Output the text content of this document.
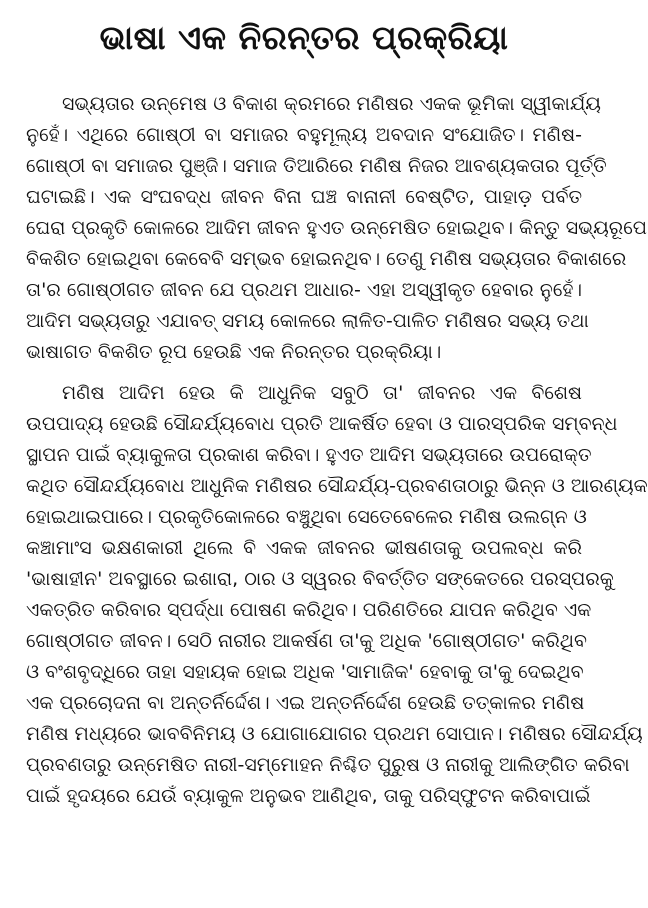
ଭାଷା ଏକ ନିରନ୍ତର ପ୍ରକ୍ରିୟା
ସଭ୍ୟତାର ଉନ୍ମେଷ ଓ ବିକାଶ କ୍ରମରେ ମଣିଷର ଏକକ ଭୂମିକା ସ୍ୱୀକାର୍ଯ୍ୟ
ନୁହେଁ। ଏଥିରେ ଗୋଷ୍ଠୀ ବା ସମାଜର ବହୁମୂଲ୍ୟ ଅବଦାନ ସଂଯୋଜିତ। ମଣିଷ-
ଗୋଷ୍ଠୀ ବା ସମାଜର ପୁଞ୍ଜି। ସମାଜ ତିଆରିରେ ମଣିଷ ନିଜର ଆବଶ୍ୟକତାର ପୂର୍ତ୍ତି
ଘଟାଇଛି। ଏକ ସଂଘବଦ୍ଧ ଜୀବନ ବିନା ଘଞ୍ଚ ବାନାନୀ ବେଷ୍ଟିତ, ପାହାଡ଼ ପର୍ବତ
ଘେରା ପ୍ରକୃତି କୋଳରେ ଆଦିମ ଜୀବନ ହୁଏତ ଉନ୍ମେଷିତ ହୋଇଥିବ। କିନ୍ତୁ ସଭ୍ୟରୂପେ
ବିକଶିତ ହୋଇଥିବା କେବେବି ସମ୍ଭବ ହୋଇନଥିବ। ତେଣୁ ମଣିଷ ସଭ୍ୟତାର ବିକାଶରେ
ତା'ର ଗୋଷ୍ଠୀଗତ ଜୀବନ ଯେ ପ୍ରଥମ ଆଧାର- ଏହା ଅସ୍ୱୀକୃତ ହେବାର ନୁହେଁ।
ଆଦିମ ସଭ୍ୟତାରୁ ଏଯାବତ୍ ସମୟ କୋଳରେ ଲାଳିତ-ପାଳିତ ମଣିଷର ସଭ୍ୟ ତଥା
ଭାଷାଗତ ବିକଶିତ ରୂପ ହେଉଛି ଏକ ନିରନ୍ତର ପ୍ରକ୍ରିୟା।
ମଣିଷ ଆଦିମ ହେଉ କି ଆଧୁନିକ ସବୁଠି ତା' ଜୀବନର ଏକ ବିଶେଷ
ଉପପାଦ୍ୟ ହେଉଛି ସୌନ୍ଦର୍ଯ୍ୟବୋଧ ପ୍ରତି ଆକର୍ଷିତ ହେବା ଓ ପାରସ୍ପରିକ ସମ୍ବନ୍ଧ
ସ୍ଥାପନ ପାଇଁ ବ୍ୟାକୁଳତା ପ୍ରକାଶ କରିବା। ହୁଏତ ଆଦିମ ସଭ୍ୟତାରେ ଉପରୋକ୍ତ
କଥିତ ସୌନ୍ଦର୍ଯ୍ୟବୋଧ ଆଧୁନିକ ମଣିଷର ସୌନ୍ଦର୍ଯ୍ୟ-ପ୍ରବଣତାଠାରୁ ଭିନ୍ନ ଓ ଆରଣ୍ୟକ
ହୋଇଥାଇପାରେ। ପ୍ରକୃତିକୋଳରେ ବଞ୍ଚୁଥିବା ସେତେବେଳେର ମଣିଷ ଉଲଗ୍ନ ଓ
କଞ୍ଚାମାଂସ ଭକ୍ଷଣକାରୀ ଥିଲେ ବି ଏକକ ଜୀବନର ଭୀଷଣତାକୁ ଉପଲବ୍ଧ କରି
'ଭାଷାହୀନ' ଅବସ୍ଥାରେ ଇଶାରା, ଠାର ଓ ସ୍ୱରର ବିବର୍ତ୍ତିତ ସଙ୍କେତରେ ପରସ୍ପରକୁ
ଏକତ୍ରିତ କରିବାର ସ୍ପର୍ଦ୍ଧା ପୋଷଣ କରିଥିବ। ପରିଣତିରେ ଯାପନ କରିଥିବ ଏକ
ଗୋଷ୍ଠୀଗତ ଜୀବନ। ସେଠି ନାରୀର ଆକର୍ଷଣ ତା'କୁ ଅଧିକ 'ଗୋଷ୍ଠୀଗତ' କରିଥିବ
ଓ ବଂଶବୃଦ୍ଧିରେ ତାହା ସହାୟକ ହୋଇ ଅଧିକ 'ସାମାଜିକ' ହେବାକୁ ତା'କୁ ଦେଇଥିବ
ଏକ ପ୍ରଚୋଦନା ବା ଅନ୍ତର୍ନିର୍ଦ୍ଦେଶ। ଏଇ ଅନ୍ତର୍ନିର୍ଦ୍ଦେଶ ହେଉଛି ତତ୍‌କାଳର ମଣିଷ
ମଣିଷ ମଧ୍ୟରେ ଭାବବିନିମୟ ଓ ଯୋଗାଯୋଗର ପ୍ରଥମ ସୋପାନ। ମଣିଷର ସୌନ୍ଦର୍ଯ୍ୟ
ପ୍ରବଣତାରୁ ଉନ୍ମେଷିତ ନାରୀ-ସମ୍ମୋହନ ନିଶ୍ଚିତ ପୁରୁଷ ଓ ନାରୀକୁ ଆଲିଙ୍ଗିତ କରିବା
ପାଇଁ ହୃଦୟରେ ଯେଉଁ ବ୍ୟାକୁଳ ଅନୁଭବ ଆଣିଥିବ, ତାକୁ ପରିସ୍ଫୁଟନ କରିବାପାଇଁ
